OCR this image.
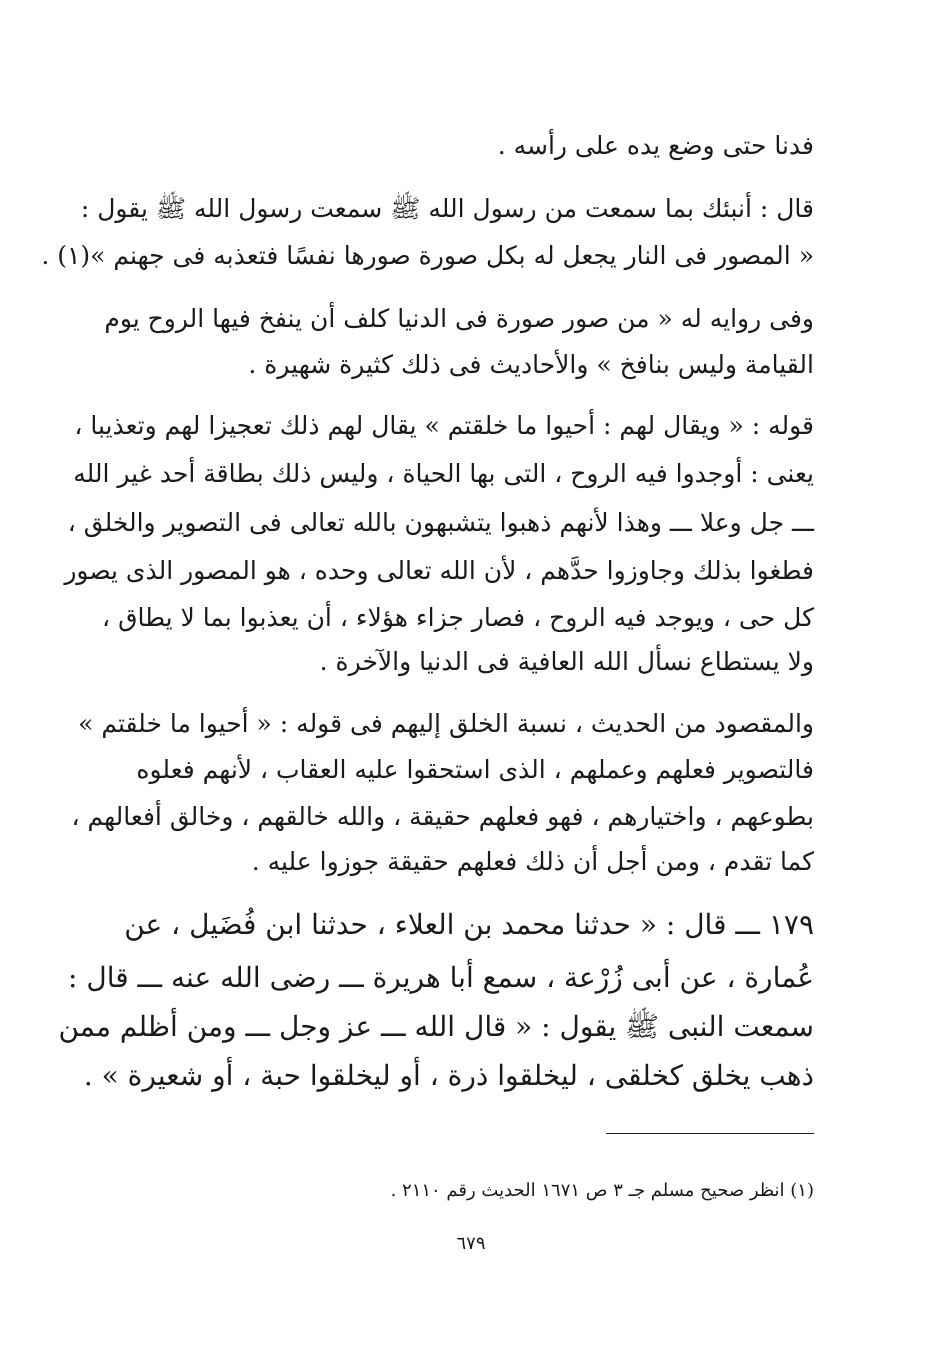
فدنا حتى وضع يده على رأسه .
قال : أنبئك بما سمعت من رسول الله ﷺ سمعت رسول الله ﷺ يقول :
« المصور فى النار يجعل له بكل صورة صورها نفسًا فتعذبه فى جهنم »(١) .
وفى روايه له « من صور صورة فى الدنيا كلف أن ينفخ فيها الروح يوم
القيامة وليس بنافخ » والأحاديث فى ذلك كثيرة شهيرة .
قوله : « ويقال لهم : أحيوا ما خلقتم » يقال لهم ذلك تعجيزا لهم وتعذيبا ،
يعنى : أوجدوا فيه الروح ، التى بها الحياة ، وليس ذلك بطاقة أحد غير الله
ـــ جل وعلا ـــ وهذا لأنهم ذهبوا يتشبهون بالله تعالى فى التصوير والخلق ،
فطغوا بذلك وجاوزوا حدَّهم ، لأن الله تعالى وحده ، هو المصور الذى يصور
كل حى ، ويوجد فيه الروح ، فصار جزاء هؤلاء ، أن يعذبوا بما لا يطاق ،
ولا يستطاع نسأل الله العافية فى الدنيا والآخرة .
والمقصود من الحديث ، نسبة الخلق إليهم فى قوله : « أحيوا ما خلقتم »
فالتصوير فعلهم وعملهم ، الذى استحقوا عليه العقاب ، لأنهم فعلوه
بطوعهم ، واختيارهم ، فهو فعلهم حقيقة ، والله خالقهم ، وخالق أفعالهم ،
كما تقدم ، ومن أجل أن ذلك فعلهم حقيقة جوزوا عليه .
١٧٩ ـــ قال : « حدثنا محمد بن العلاء ، حدثنا ابن فُضَيل ، عن
عُمارة ، عن أبى زُرْعة ، سمع أبا هريرة ـــ رضى الله عنه ـــ قال :
سمعت النبى ﷺ يقول : « قال الله ـــ عز وجل ـــ ومن أظلم ممن
ذهب يخلق كخلقى ، ليخلقوا ذرة ، أو ليخلقوا حبة ، أو شعيرة » .
(١) انظر صحيح مسلم جـ ٣ ص ١٦٧١ الحديث رقم ٢١١٠ .
٦٧٩
